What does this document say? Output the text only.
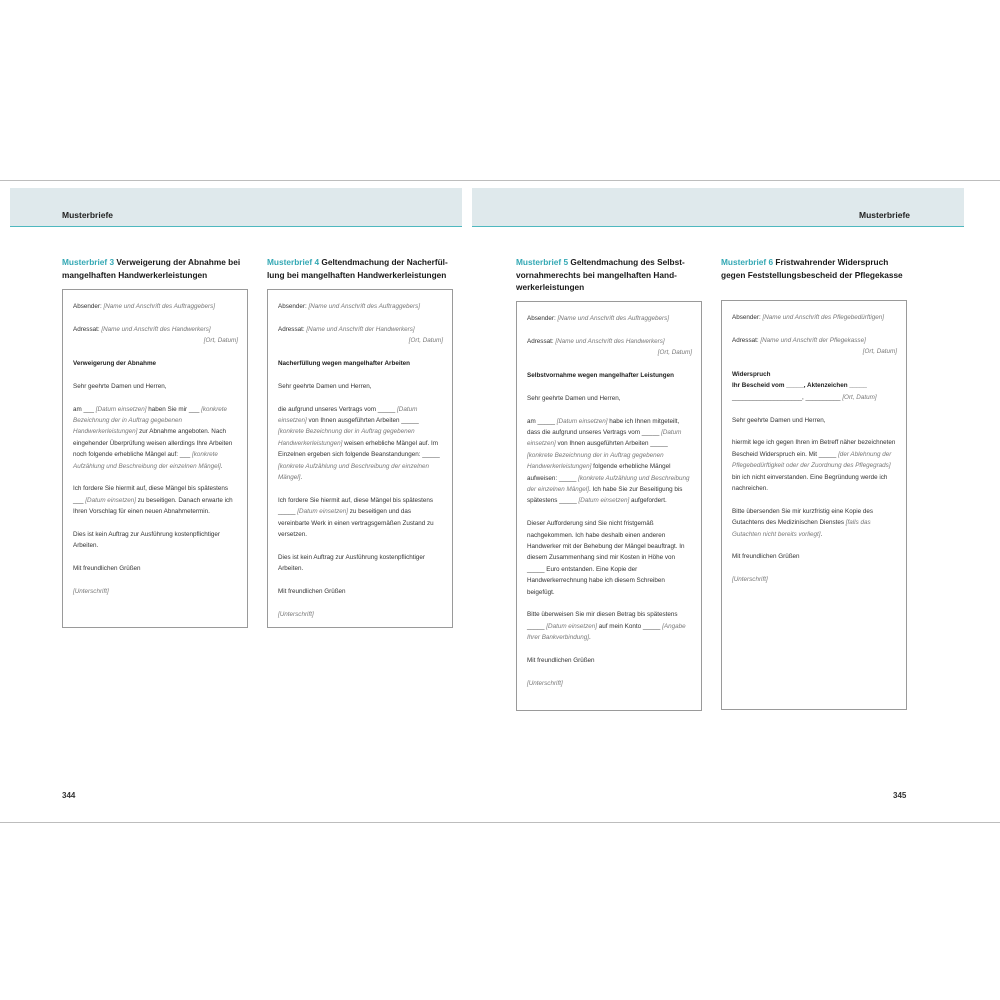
Musterbriefe	Musterbriefe
Musterbrief 3 Verweigerung der Abnahme bei
mangelhaften Handwerkerleistungen
Absender: [Name und Anschrift des Auftraggebers]
Adressat: [Name und Anschrift des Handwerkers]
[Ort, Datum]
Verweigerung der Abnahme
Sehr geehrte Damen und Herren,
am ___ [Datum einsetzen] haben Sie mir ___ [konkrete Bezeichnung der in Auftrag gegebenen Handwerkerleistungen] zur Abnahme angeboten. Nach eingehender Überprüfung weisen allerdings Ihre Arbeiten noch folgende erhebliche Mängel auf: ___ [konkrete Aufzählung und Beschreibung der einzelnen Mängel].
Ich fordere Sie hiermit auf, diese Mängel bis spätestens ___ [Datum einsetzen] zu beseitigen. Danach erwarte ich Ihren Vorschlag für einen neuen Abnahmetermin.
Dies ist kein Auftrag zur Ausführung kostenpflichtiger Arbeiten.
Mit freundlichen Grüßen
[Unterschrift]
Musterbrief 4 Geltendmachung der Nacherfül-
lung bei mangelhaften Handwerkerleistungen
Absender: [Name und Anschrift des Auftraggebers]
Adressat: [Name und Anschrift der Handwerkers]
[Ort, Datum]
Nacherfüllung wegen mangelhafter Arbeiten
Sehr geehrte Damen und Herren,
die aufgrund unseres Vertrags vom _____ [Datum einsetzen] von Ihnen ausgeführten Arbeiten _____ [konkrete Bezeichnung der in Auftrag gegebenen Handwerkerleistungen] weisen erhebliche Mängel auf. Im Einzelnen ergeben sich folgende Beanstandungen: _____ [konkrete Aufzählung und Beschreibung der einzelnen Mängel].
Ich fordere Sie hiermit auf, diese Mängel bis spätestens _____ [Datum einsetzen] zu beseitigen und das vereinbarte Werk in einen vertragsgemäßen Zustand zu versetzen.
Dies ist kein Auftrag zur Ausführung kostenpflichtiger Arbeiten.
Mit freundlichen Grüßen
[Unterschrift]
Musterbrief 5 Geltendmachung des Selbst-
vornahmerechts bei mangelhaften Hand-
werkerleistungen
Absender: [Name und Anschrift des Auftraggebers]
Adressat: [Name und Anschrift des Handwerkers]
[Ort, Datum]
Selbstvornahme wegen mangelhafter Leistungen
Sehr geehrte Damen und Herren,
am _____ [Datum einsetzen] habe ich Ihnen mitgeteilt, dass die aufgrund unseres Vertrags vom _____ [Datum einsetzen] von Ihnen ausgeführten Arbeiten _____ [konkrete Bezeichnung der in Auftrag gegebenen Handwerkerleistungen] folgende erhebliche Mängel aufweisen: _____ [konkrete Aufzählung und Beschreibung der einzelnen Mängel]. Ich habe Sie zur Beseitigung bis spätestens _____ [Datum einsetzen] aufgefordert.
Dieser Aufforderung sind Sie nicht fristgemäß nachgekommen. Ich habe deshalb einen anderen Handwerker mit der Behebung der Mängel beauftragt. In diesem Zusammenhang sind mir Kosten in Höhe von _____ Euro entstanden. Eine Kopie der Handwerkerrechnung habe ich diesem Schreiben beigefügt.
Bitte überweisen Sie mir diesen Betrag bis spätestens _____ [Datum einsetzen] auf mein Konto _____ [Angabe Ihrer Bankverbindung].
Mit freundlichen Grüßen
[Unterschrift]
Musterbrief 6 Fristwahrender Widerspruch
gegen Feststellungsbescheid der Pflegekasse
Absender: [Name und Anschrift des Pflegebedürftigen]
Adressat: [Name und Anschrift der Pflegekasse]
[Ort, Datum]
Widerspruch
Ihr Bescheid vom _____, Aktenzeichen _____
____________________, __________ [Ort, Datum]
Sehr geehrte Damen und Herren,
hiermit lege ich gegen Ihren im Betreff näher bezeichneten Bescheid Widerspruch ein. Mit _____ [der Ablehnung der Pflegebedürftigkeit oder der Zuordnung des Pflegegrads] bin ich nicht einverstanden. Eine Begründung werde ich nachreichen.
Bitte übersenden Sie mir kurzfristig eine Kopie des Gutachtens des Medizinischen Dienstes [falls das Gutachten nicht bereits vorliegt].
Mit freundlichen Grüßen
[Unterschrift]
344	345
